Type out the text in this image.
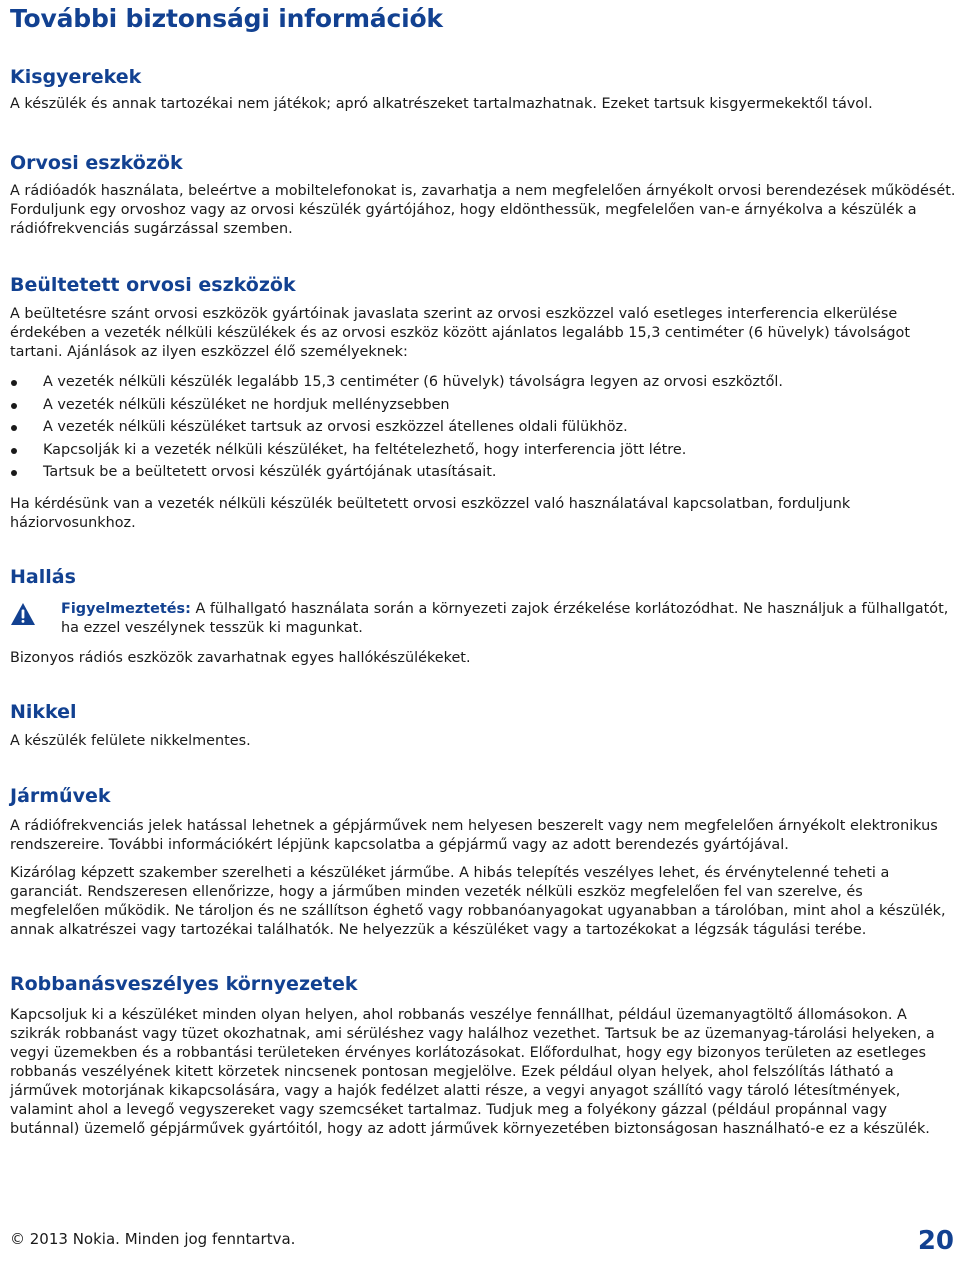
További biztonsági információk
Kisgyerekek

A készülék és annak tartozékai nem játékok; apró alkatrészeket tartalmazhatnak. Ezeket tartsuk kisgyermekektől távol.

Orvosi eszközök

A rádióadók használata, beleértve a mobiltelefonokat is, zavarhatja a nem megfelelően árnyékolt orvosi berendezések működését. Forduljunk egy orvoshoz vagy az orvosi készülék gyártójához, hogy eldönthessük, megfelelően van-e árnyékolva a készülék a rádiófrekvenciás sugárzással szemben.

Beültetett orvosi eszközök

A beültetésre szánt orvosi eszközök gyártóinak javaslata szerint az orvosi eszközzel való esetleges interferencia elkerülése érdekében a vezeték nélküli készülékek és az orvosi eszköz között ajánlatos legalább 15,3 centiméter (6 hüvelyk) távolságot tartani. Ajánlások az ilyen eszközzel élő személyeknek:

A vezeték nélküli készülék legalább 15,3 centiméter (6 hüvelyk) távolságra legyen az orvosi eszköztől.
A vezeték nélküli készüléket ne hordjuk mellényzsebben
A vezeték nélküli készüléket tartsuk az orvosi eszközzel átellenes oldali fülükhöz.
Kapcsolják ki a vezeték nélküli készüléket, ha feltételezhető, hogy interferencia jött létre.
Tartsuk be a beültetett orvosi készülék gyártójának utasításait.

Ha kérdésünk van a vezeték nélküli készülék beültetett orvosi eszközzel való használatával kapcsolatban, forduljunk háziorvosunkhoz.

Hallás

Figyelmeztetés: A fülhallgató használata során a környezeti zajok érzékelése korlátozódhat. Ne használjuk a fülhallgatót, ha ezzel veszélynek tesszük ki magunkat.

Bizonyos rádiós eszközök zavarhatnak egyes hallókészülékeket.

Nikkel

A készülék felülete nikkelmentes.

Járművek

A rádiófrekvenciás jelek hatással lehetnek a gépjárművek nem helyesen beszerelt vagy nem megfelelően árnyékolt elektronikus rendszereire. További információkért lépjünk kapcsolatba a gépjármű vagy az adott berendezés gyártójával.

Kizárólag képzett szakember szerelheti a készüléket járműbe. A hibás telepítés veszélyes lehet, és érvénytelenné teheti a garanciát. Rendszeresen ellenőrizze, hogy a járműben minden vezeték nélküli eszköz megfelelően fel van szerelve, és megfelelően működik. Ne tároljon és ne szállítson éghető vagy robbanóanyagokat ugyanabban a tárolóban, mint ahol a készülék, annak alkatrészei vagy tartozékai találhatók. Ne helyezzük a készüléket vagy a tartozékokat a légzsák tágulási terébe.

Robbanásveszélyes környezetek

Kapcsoljuk ki a készüléket minden olyan helyen, ahol robbanás veszélye fennállhat, például üzemanyagtöltő állomásokon. A szikrák robbanást vagy tüzet okozhatnak, ami sérüléshez vagy halálhoz vezethet. Tartsuk be az üzemanyag-tárolási helyeken, a vegyi üzemekben és a robbantási területeken érvényes korlátozásokat. Előfordulhat, hogy egy bizonyos területen az esetleges robbanás veszélyének kitett körzetek nincsenek pontosan megjelölve. Ezek például olyan helyek, ahol felszólítás látható a járművek motorjának kikapcsolására, vagy a hajók fedélzet alatti része, a vegyi anyagot szállító vagy tároló létesítmények, valamint ahol a levegő vegyszereket vagy szemcséket tartalmaz. Tudjuk meg a folyékony gázzal (például propánnal vagy butánnal) üzemelő gépjárművek gyártóitól, hogy az adott járművek környezetében biztonságosan használható-e ez a készülék.

© 2013 Nokia. Minden jog fenntartva.	20
